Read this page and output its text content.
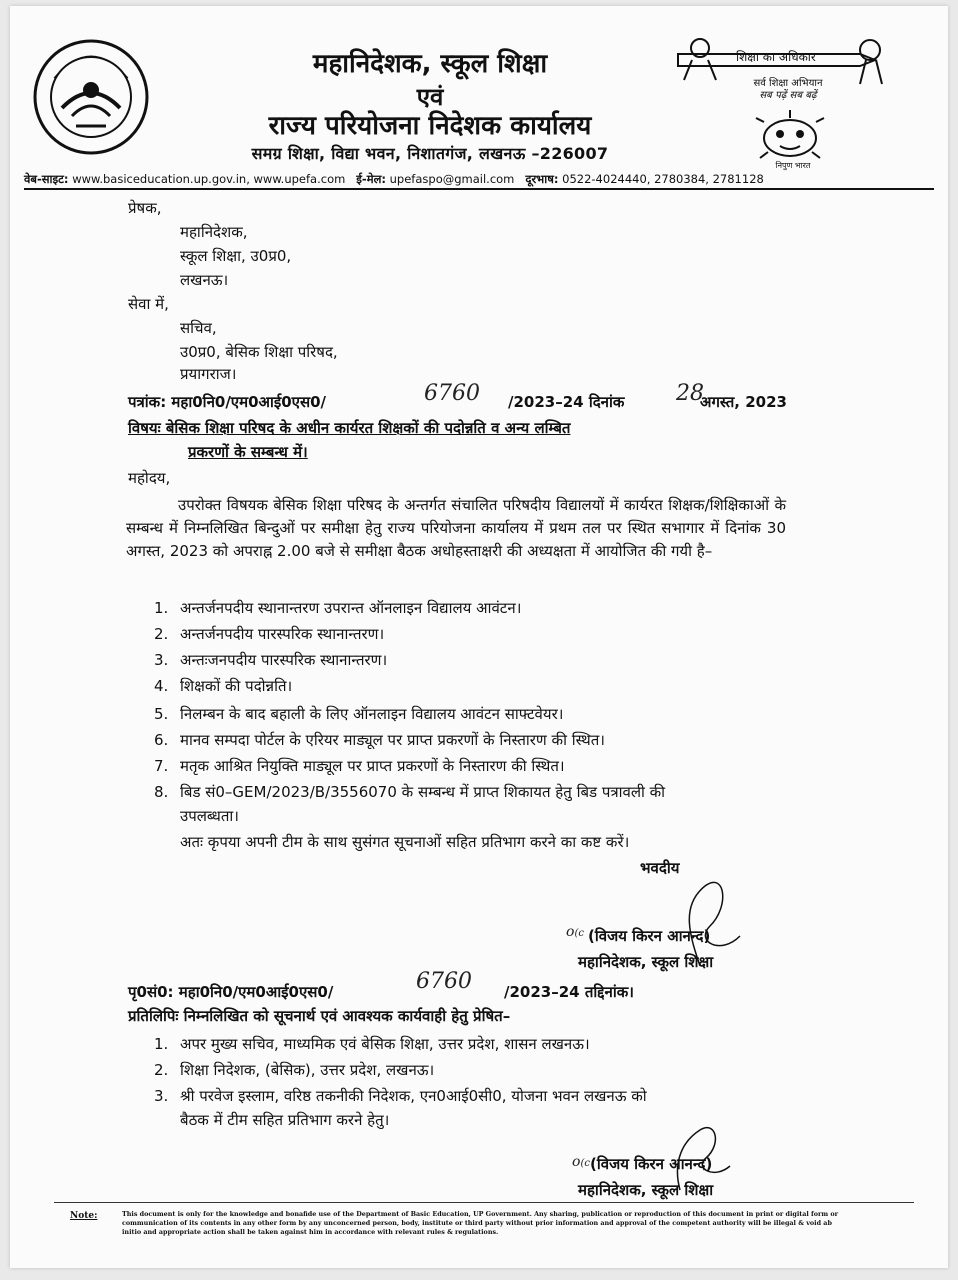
शिक्षा का अधिकार
सर्व शिक्षा अभियान
सब पढ़ें सब बढ़ें
निपुण भारत
महानिदेशक, स्कूल शिक्षा
एवं
राज्य परियोजना निदेशक कार्यालय
समग्र शिक्षा, विद्या भवन, निशातगंज, लखनऊ –226007
वेब-साइट: www.basiceducation.up.gov.in, www.upefa.com ई-मेल: upefaspo@gmail.com दूरभाष: 0522-4024440, 2780384, 2781128
प्रेषक,
महानिदेशक,
स्कूल शिक्षा, उ0प्र0,
लखनऊ।
सेवा में,
सचिव,
उ0प्र0, बेसिक शिक्षा परिषद,
प्रयागराज।
पत्रांक: महा0नि0/एम0आई0एस0/	6760 /2023–24 दिनांक 28
अगस्त, 2023
विषयः बेसिक शिक्षा परिषद के अधीन कार्यरत शिक्षकों की पदोन्नति व अन्य लम्बित
प्रकरणों के सम्बन्ध में।
महोदय,
उपरोक्त विषयक बेसिक शिक्षा परिषद के अन्तर्गत संचालित परिषदीय विद्यालयों में कार्यरत शिक्षक/शिक्षिकाओं के सम्बन्ध में निम्नलिखित बिन्दुओं पर समीक्षा हेतु राज्य परियोजना कार्यालय में प्रथम तल पर स्थित सभागार में दिनांक 30 अगस्त, 2023 को अपराह्न 2.00 बजे से समीक्षा बैठक अधोहस्ताक्षरी की अध्यक्षता में आयोजित की गयी है–
1. अन्तर्जनपदीय स्थानान्तरण उपरान्त ऑनलाइन विद्यालय आवंटन।
2. अन्तर्जनपदीय पारस्परिक स्थानान्तरण।
3. अन्तःजनपदीय पारस्परिक स्थानान्तरण।
4. शिक्षकों की पदोन्नति।
5. निलम्बन के बाद बहाली के लिए ऑनलाइन विद्यालय आवंटन साफ्टवेयर।
6. मानव सम्पदा पोर्टल के एरियर माड्यूल पर प्राप्त प्रकरणों के निस्तारण की स्थित।
7. मतृक आश्रित नियुक्ति माड्यूल पर प्राप्त प्रकरणों के निस्तारण की स्थित।
8. बिड सं0–GEM/2023/B/3556070 के सम्बन्ध में प्राप्त शिकायत हेतु बिड पत्रावली की
उपलब्धता।
अतः कृपया अपनी टीम के साथ सुसंगत सूचनाओं सहित प्रतिभाग करने का कष्ट करें।
भवदीय
o(c (विजय किरन आनन्द)
महानिदेशक, स्कूल शिक्षा
पृ0सं0: महा0नि0/एम0आई0एस0/	6760 /2023–24 तद्दिनांक।
प्रतिलिपिः निम्नलिखित को सूचनार्थ एवं आवश्यक कार्यवाही हेतु प्रेषित–
1. अपर मुख्य सचिव, माध्यमिक एवं बेसिक शिक्षा, उत्तर प्रदेश, शासन लखनऊ।
2. शिक्षा निदेशक, (बेसिक), उत्तर प्रदेश, लखनऊ।
3. श्री परवेज इस्लाम, वरिष्ठ तकनीकी निदेशक, एन0आई0सी0, योजना भवन लखनऊ को
बैठक में टीम सहित प्रतिभाग करने हेतु।
o(c (विजय किरन आनन्द)
महानिदेशक, स्कूल शिक्षा
Note:	This document is only for the knowledge and bonafide use of the Department of Basic Education, UP Government. Any sharing, publication or reproduction of this document in print or digital form or communication of its contents in any other form by any unconcerned person, body, institute or third party without prior information and approval of the competent authority will be illegal & void ab initio and appropriate action shall be taken against him in accordance with relevant rules & regulations.
